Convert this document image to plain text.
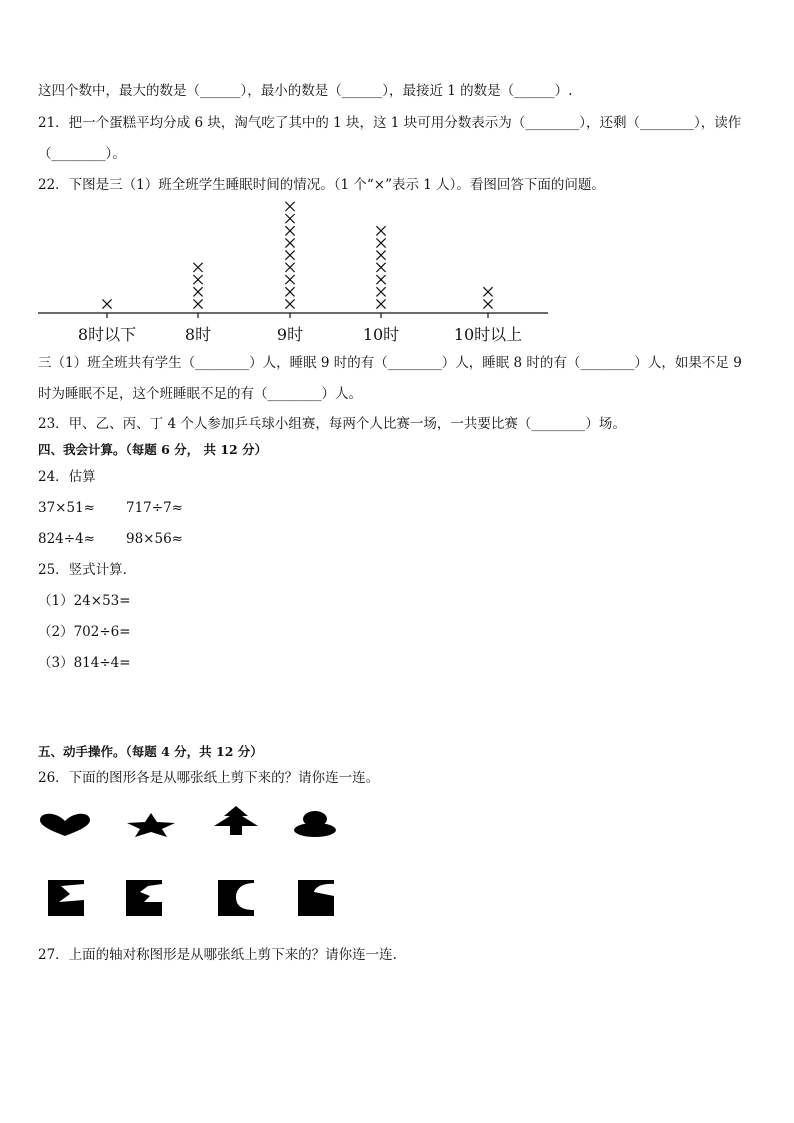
这四个数中，最大的数是（______），最小的数是（______），最接近 1 的数是（______）.
21．把一个蛋糕平均分成 6 块，淘气吃了其中的 1 块，这 1 块可用分数表示为（________），还剩（________），读作
（________）。
22．下图是三（1）班全班学生睡眠时间的情况。（1 个“×”表示 1 人）。看图回答下面的问题。
8时以下	8时	9时	10时	10时以上
三（1）班全班共有学生（________）人，睡眠 9 时的有（________）人，睡眠 8 时的有（________）人，如果不足 9
时为睡眠不足，这个班睡眠不足的有（________）人。
23．甲、乙、丙、丁 4 个人参加乒乓球小组赛，每两个人比赛一场，一共要比赛（________）场。
四、我会计算。（每题 6 分， 共 12 分）
24．估算
37×51≈ 717÷7≈
824÷4≈ 98×56≈
25．竖式计算．
（1）24×53=
（2）702÷6=
（3）814÷4=
五、动手操作。（每题 4 分，共 12 分）
26．下面的图形各是从哪张纸上剪下来的？请你连一连。
27．上面的轴对称图形是从哪张纸上剪下来的？请你连一连.
